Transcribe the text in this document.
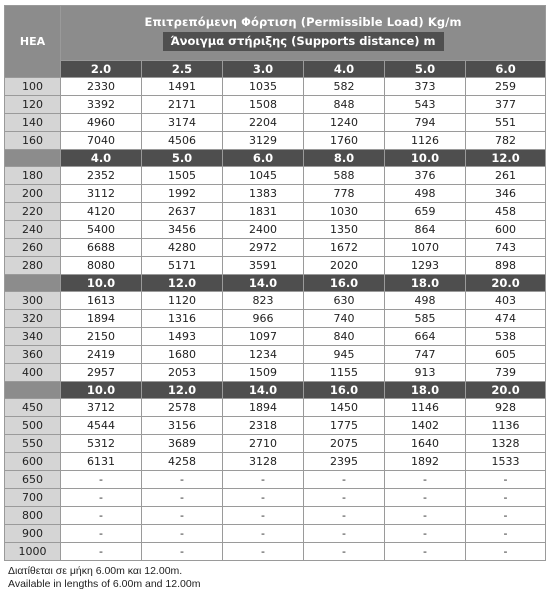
HEA	Επιτρεπόμενη Φόρτιση (Permissible Load) Kg/m
Άνοιγμα στήριξης (Supports distance) m					
	2.0	2.5	3.0	4.0	5.0	6.0
100	2330	1491	1035	582	373	259
120	3392	2171	1508	848	543	377
140	4960	3174	2204	1240	794	551
160	7040	4506	3129	1760	1126	782
	4.0	5.0	6.0	8.0	10.0	12.0
180	2352	1505	1045	588	376	261
200	3112	1992	1383	778	498	346
220	4120	2637	1831	1030	659	458
240	5400	3456	2400	1350	864	600
260	6688	4280	2972	1672	1070	743
280	8080	5171	3591	2020	1293	898
	10.0	12.0	14.0	16.0	18.0	20.0
300	1613	1120	823	630	498	403
320	1894	1316	966	740	585	474
340	2150	1493	1097	840	664	538
360	2419	1680	1234	945	747	605
400	2957	2053	1509	1155	913	739
	10.0	12.0	14.0	16.0	18.0	20.0
450	3712	2578	1894	1450	1146	928
500	4544	3156	2318	1775	1402	1136
550	5312	3689	2710	2075	1640	1328
600	6131	4258	3128	2395	1892	1533
650	-	-	-	-	-	-
700	-	-	-	-	-	-
800	-	-	-	-	-	-
900	-	-	-	-	-	-
1000	-	-	-	-	-	-
Διατίθεται σε μήκη 6.00m και 12.00m.
Available in lengths of 6.00m and 12.00m
